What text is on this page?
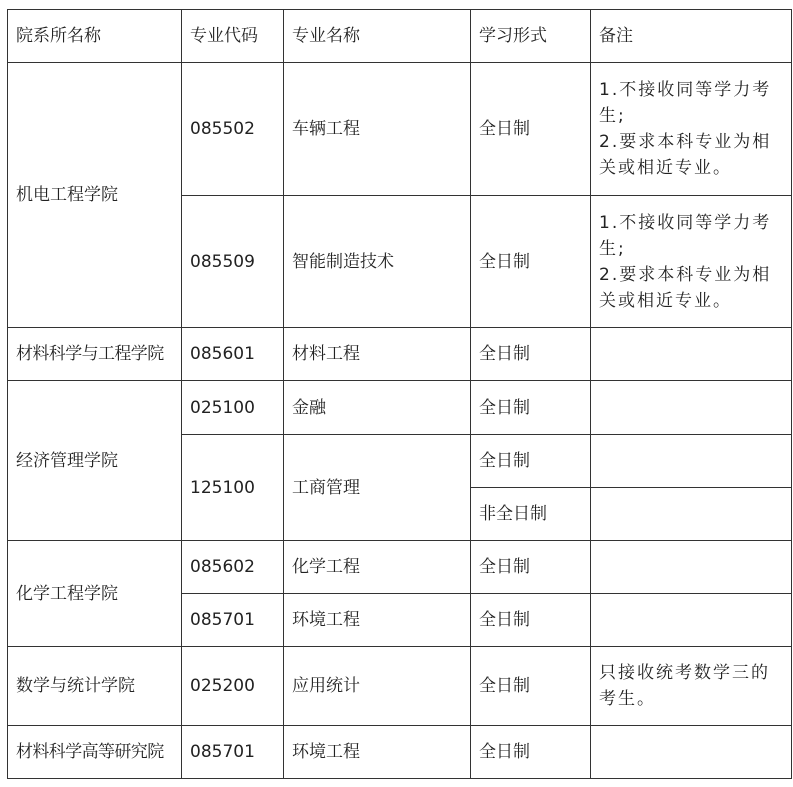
院系所名称	专业代码	专业名称	学习形式	备注
机电工程学院	085502	车辆工程	全日制	1.不接收同等学力考生;
2.要求本科专业为相关或相近专业。

	085509	智能制造技术	全日制	1.不接收同等学力考生;
2.要求本科专业为相关或相近专业。

材料科学与工程学院	085601	材料工程	全日制	
经济管理学院	025100	金融	全日制	
	125100	工商管理	全日制	
			非全日制	
化学工程学院	085602	化学工程	全日制	
	085701	环境工程	全日制	
数学与统计学院	025200	应用统计	全日制	只接收统考数学三的考生。
材料科学高等研究院	085701	环境工程	全日制	
